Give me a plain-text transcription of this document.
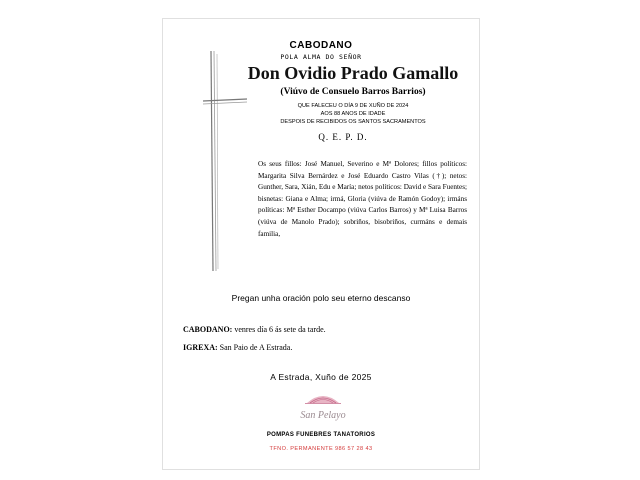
CABODANO
POLA ALMA DO SEÑOR
Don Ovidio Prado Gamallo
(Viúvo de Consuelo Barros Barrios)
QUE FALECEU O DÍA 9 DE XUÑO DE 2024
AOS 88 ANOS DE IDADE
DESPOIS DE RECIBIDOS OS SANTOS SACRAMENTOS
Q. E. P. D.
Os seus fillos: José Manuel, Severino e Mª Dolores; fillos políticos: Margarita Silva Bernárdez e José Eduardo Castro Vilas (†); netos: Gunther, Sara, Xián, Edu e María; netos políticos: David e Sara Fuentes; bisnetas: Giana e Alma; irmá, Gloria (viúva de Ramón Godoy); irmáns políticas: Mª Esther Docampo (viúva Carlos Barros) y Mª Luisa Barros (viúva de Manolo Prado); sobriños, bisobriños, curmáns e demais familia,
Pregan unha oración polo seu eterno descanso
CABODANO: venres día 6 ás sete da tarde.
IGREXA: San Paio de A Estrada.
A Estrada, Xuño de 2025
San Pelayo
POMPAS FUNEBRES TANATORIOS
TFNO. PERMANENTE 986 57 28 43
